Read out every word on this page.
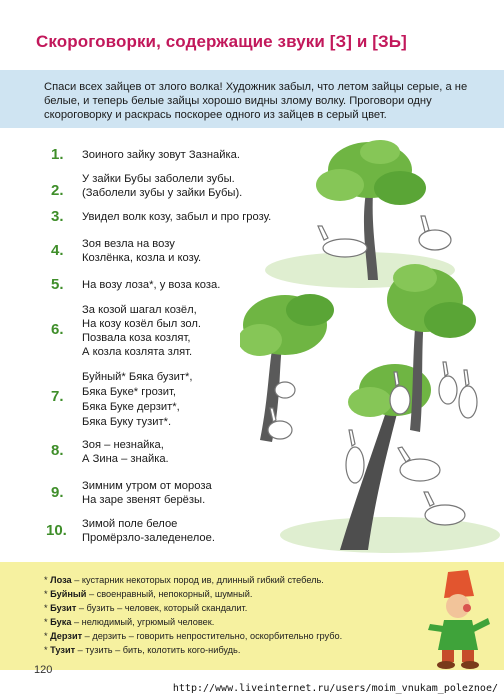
Скороговорки, содержащие звуки [З] и [ЗЬ]
Спаси всех зайцев от злого волка! Художник забыл, что летом зайцы серые, а не белые, и теперь белые зайцы хорошо видны злому волку. Проговори одну скороговорку и раскрась поскорее одного из зайцев в серый цвет.
1. Зоиного зайку зовут Зазнайка.
2.
У зайки Бубы заболели зубы.
(Заболели зубы у зайки Бубы).
3. Увидел волк козу, забыл и про грозу.
4. Зоя везла на возу
Козлёнка, козла и козу.
5. На возу лоза*, у воза коза.
6.
За козой шагал козёл,
На козу козёл был зол.
Позвала коза козлят,
А козла козлята злят.
7.
Буйный* Бяка бузит*,
Бяка Буке* грозит,
Бяка Буке дерзит*,
Бяка Буку тузит*.
8. Зоя – незнайка,
А Зина – знайка.
9. Зимним утром от мороза
На заре звенят берёзы.
10. Зимой поле белое
Промёрзло-заледенелое.
* Лоза – кустарник некоторых пород ив, длинный гибкий стебель.
* Буйный – своенравный, непокорный, шумный.
* Бузит – бузить – человек, который скандалит.
* Бука – нелюдимый, угрюмый человек.
* Дерзит – дерзить – говорить непростительно, оскорбительно грубо.
* Тузит – тузить – бить, колотить кого-нибудь.
120
http://www.liveinternet.ru/users/moim_vnukam_poleznoe/
